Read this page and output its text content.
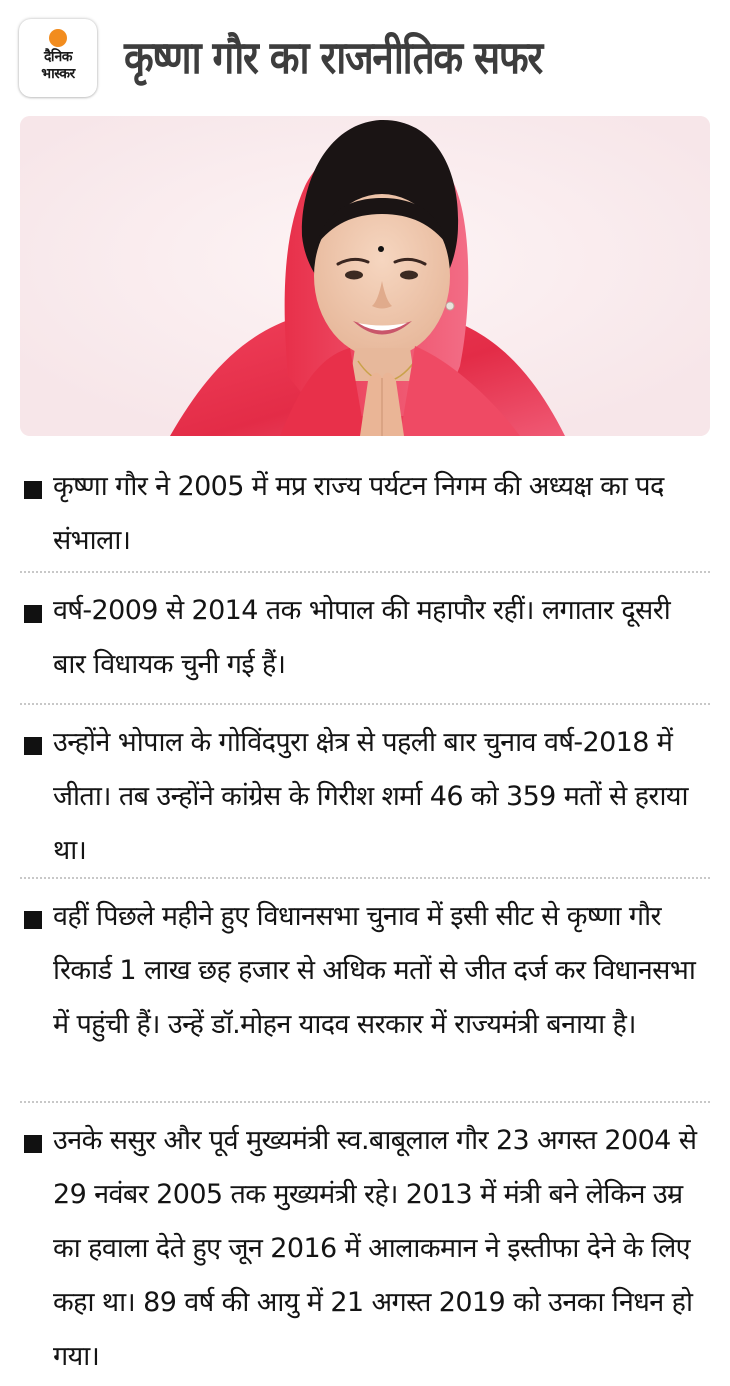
दैनिक
भास्कर कृष्णा गौर का राजनीतिक सफर
कृष्णा गौर ने 2005 में मप्र राज्य पर्यटन निगम की अध्यक्ष का पद संभाला।
वर्ष-2009 से 2014 तक भोपाल की महापौर रहीं। लगातार दूसरी बार विधायक चुनी गई हैं।
उन्होंने भोपाल के गोविंदपुरा क्षेत्र से पहली बार चुनाव वर्ष-2018 में जीता। तब उन्होंने कांग्रेस के गिरीश शर्मा 46 को 359 मतों से हराया था।
वहीं पिछले महीने हुए विधानसभा चुनाव में इसी सीट से कृष्णा गौर रिकार्ड 1 लाख छह हजार से अधिक मतों से जीत दर्ज कर विधानसभा में पहुंची हैं। उन्हें डॉ.मोहन यादव सरकार में राज्यमंत्री बनाया है।
उनके ससुर और पूर्व मुख्यमंत्री स्व.बाबूलाल गौर 23 अगस्त 2004 से 29 नवंबर 2005 तक मुख्यमंत्री रहे। 2013 में मंत्री बने लेकिन उम्र का हवाला देते हुए जून 2016 में आलाकमान ने इस्तीफा देने के लिए कहा था। 89 वर्ष की आयु में 21 अगस्त 2019 को उनका निधन हो गया।
